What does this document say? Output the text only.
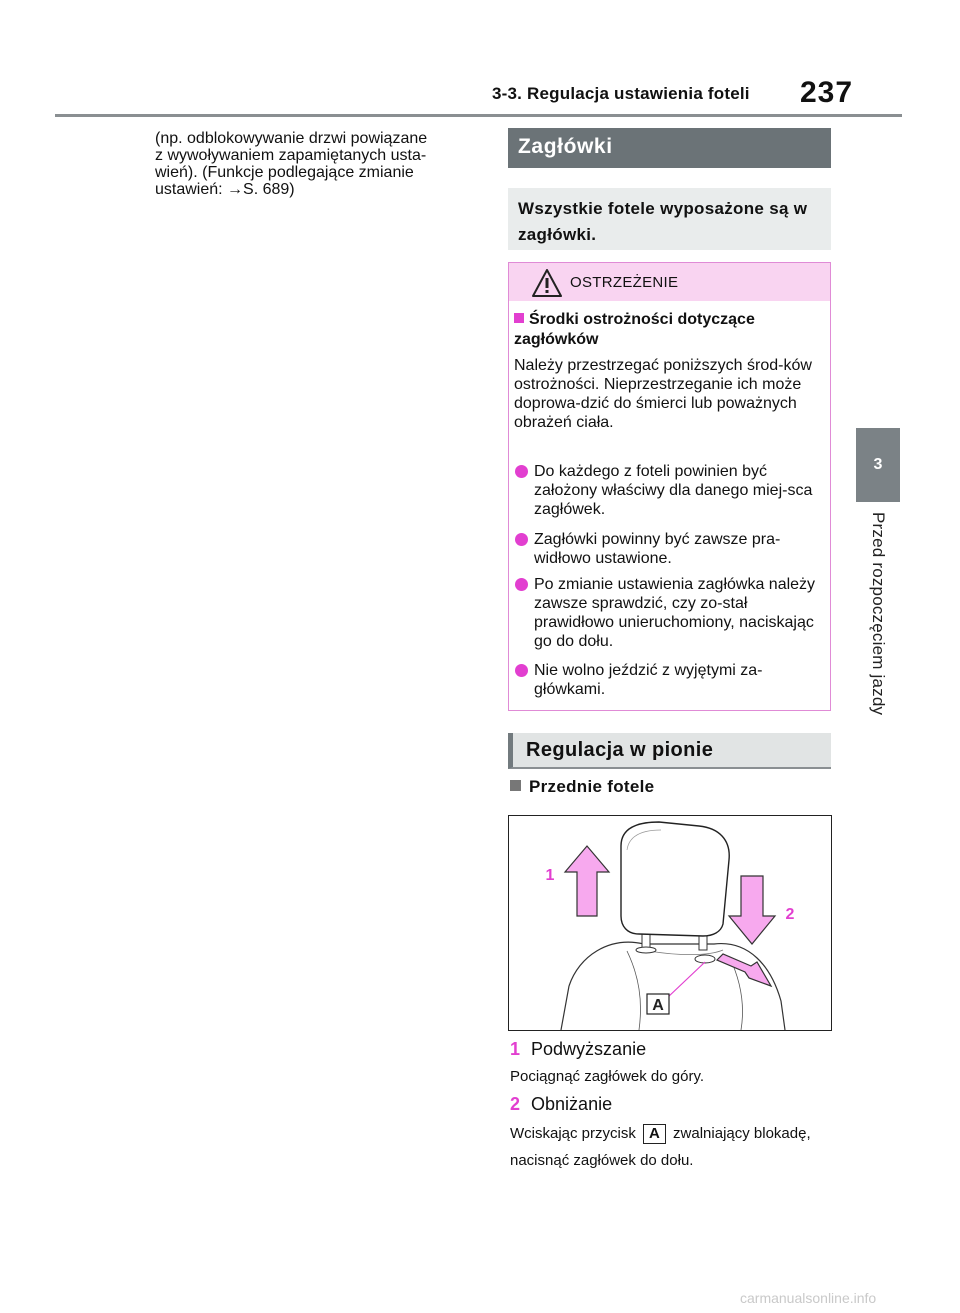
3-3. Regulacja ustawienia foteli 237
3
Przed rozpoczęciem jazdy
(np. odblokowywanie drzwi powiązane
z wywoływaniem zapamiętanych usta-
wień). (Funkcje podlegające zmianie
ustawień: →S. 689)
Zagłówki
Wszystkie fotele wyposażone są w zagłówki.
OSTRZEŻENIE
Środki ostrożności dotyczące zagłówków
Należy przestrzegać poniższych środ-ków ostrożności. Nieprzestrzeganie ich może doprowa-dzić do śmierci lub poważnych obrażeń ciała.
Do każdego z foteli powinien być założony właściwy dla danego miej-sca zagłówek.
Zagłówki powinny być zawsze pra-widłowo ustawione.
Po zmianie ustawienia zagłówka należy zawsze sprawdzić, czy zo-stał prawidłowo unieruchomiony, naciskając go do dołu.
Nie wolno jeździć z wyjętymi za-główkami.
Regulacja w pionie
Przednie fotele
A
1
2
1 Podwyższanie
Pociągnąć zagłówek do góry.
2 Obniżanie
Wciskając przycisk A zwalniający blokadę, nacisnąć zagłówek do dołu.
carmanualsonline.info
